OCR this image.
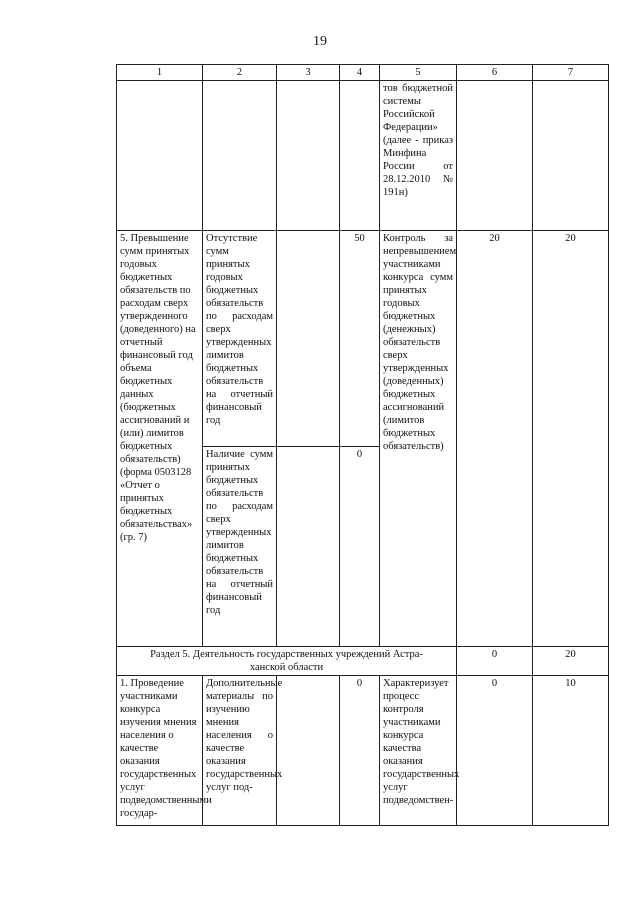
19
1	2	3	4	5	6	7
				тов бюджетной системы Российской Федерации» (далее - приказ Минфина России от 28.12.2010 № 191н)		
5. Превышение сумм принятых годовых бюджетных обязательств по расходам сверх утвержденного (доведенного) на отчетный финансовый год объема бюджетных данных (бюджетных ассигнований и (или) лимитов бюджетных обязательств) (форма 0503128 «Отчет о принятых бюджетных обязательствах» (гр. 7)	Отсутствие сумм принятых годовых бюджетных обязательств по расходам сверх утвержденных лимитов бюджетных обязательств на отчетный финансовый год		50	Контроль за непревышением участниками конкурса сумм принятых годовых бюджетных (денежных) обязательств сверх утвержденных (доведенных) бюджетных ассигнований (лимитов бюджетных обязательств)	20	20
	Наличие сумм принятых бюджетных обязательств по расходам сверх утвержденных лимитов бюджетных обязательств на отчетный финансовый год		0			

Раздел 5. Деятельность государственных учреждений Астра-
ханской области					0	20
1. Проведение участниками конкурса изучения мнения населения о качестве оказания государственных услуг подведомственными государ-	Дополнительные материалы по изучению мнения населения о качестве оказания государственных услуг под-		0	Характеризует процесс контроля участниками конкурса качества оказания государственных услуг подведомствен-	0	10
